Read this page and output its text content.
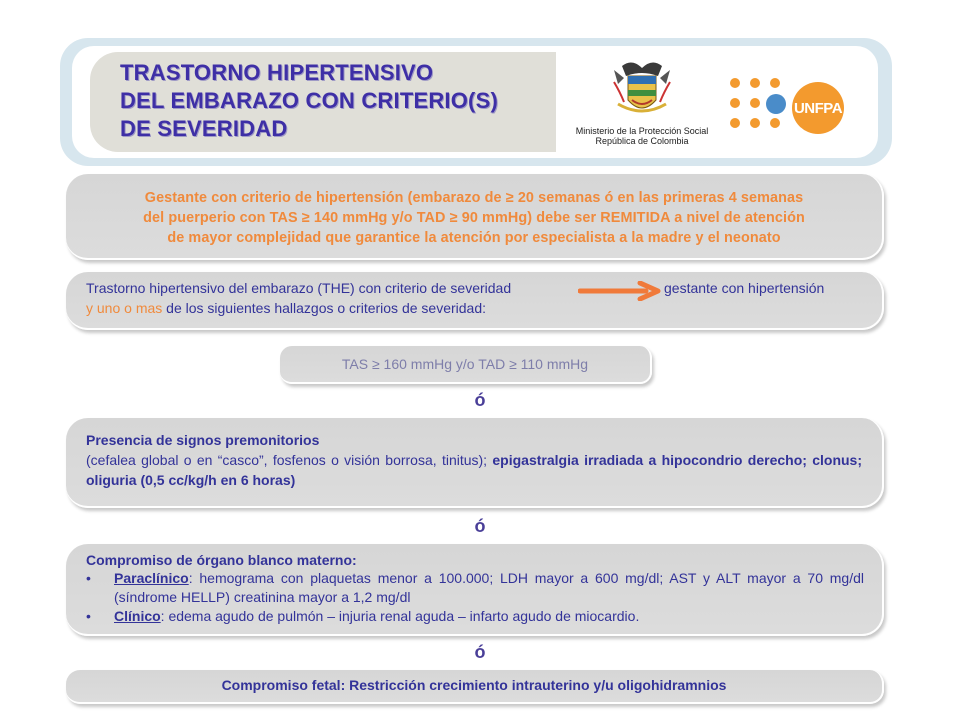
TRASTORNO HIPERTENSIVO
DEL EMBARAZO CON CRITERIO(S)
DE SEVERIDAD	Ministerio de la Protección Social
República de Colombia
UNFPA
Gestante con criterio de hipertensión (embarazo de ≥ 20 semanas ó en las primeras 4 semanas
del puerperio con TAS ≥ 140 mmHg y/o TAD ≥ 90 mmHg) debe ser REMITIDA a nivel de atención
de mayor complejidad que garantice la atención por especialista a la madre y el neonato
Trastorno hipertensivo del embarazo (THE) con criterio de severidad	gestante con hipertensión
y uno o mas de los siguientes hallazgos o criterios de severidad:
TAS ≥ 160 mmHg y/o TAD ≥ 110 mmHg
ó
Presencia de signos premonitorios
(cefalea global o en “casco”, fosfenos o visión borrosa, tinitus); epigastralgia irradiada a hipocondrio derecho; clonus; oliguria (0,5 cc/kg/h en 6 horas)
ó
Compromiso de órgano blanco materno:
• Paraclínico: hemograma con plaquetas menor a 100.000; LDH mayor a 600 mg/dl; AST y ALT mayor a 70 mg/dl (síndrome HELLP) creatinina mayor a 1,2 mg/dl
• Clínico: edema agudo de pulmón – injuria renal aguda – infarto agudo de miocardio.
ó
Compromiso fetal: Restricción crecimiento intrauterino y/u oligohidramnios
